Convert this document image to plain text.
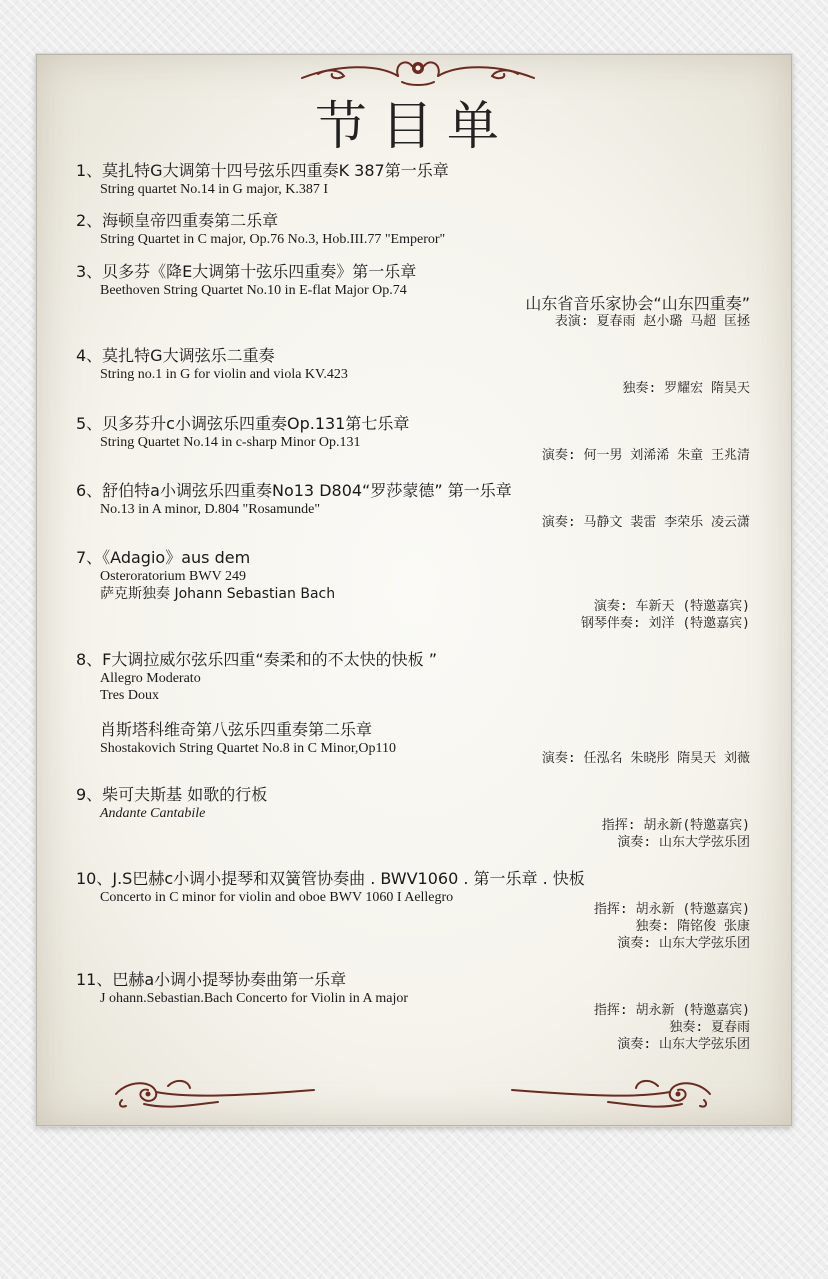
节目单
1、莫扎特G大调第十四号弦乐四重奏K 387第一乐章
String quartet No.14 in G major, K.387 I
2、海顿皇帝四重奏第二乐章
String Quartet in C major, Op.76 No.3, Hob.III.77 "Emperor"
3、贝多芬《降E大调第十弦乐四重奏》第一乐章
Beethoven String Quartet No.10 in E-flat Major Op.74
山东省音乐家协会“山东四重奏”
表演: 夏春雨 赵小璐 马超 匡拯
4、莫扎特G大调弦乐二重奏
String no.1 in G for violin and viola KV.423
独奏: 罗耀宏 隋昊天
5、贝多芬升c小调弦乐四重奏Op.131第七乐章
String Quartet No.14 in c-sharp Minor Op.131
演奏: 何一男 刘浠浠 朱童 王兆清
6、舒伯特a小调弦乐四重奏No13 D804“罗莎蒙德” 第一乐章
No.13 in A minor, D.804 "Rosamunde"
演奏: 马静文 裴雷 李荣乐 凌云潇
7、《Adagio》aus dem
Osteroratorium BWV 249
萨克斯独奏 Johann Sebastian Bach
演奏: 车新天 (特邀嘉宾)
钢琴伴奏: 刘洋 (特邀嘉宾)
8、F大调拉威尔弦乐四重“奏柔和的不太快的快板 ”
Allegro Moderato
Tres Doux
肖斯塔科维奇第八弦乐四重奏第二乐章
Shostakovich String Quartet No.8 in C Minor,Op110
演奏: 任泓名 朱晓彤 隋昊天 刘薇
9、柴可夫斯基 如歌的行板
Andante Cantabile
指挥: 胡永新(特邀嘉宾)
演奏: 山东大学弦乐团
10、J.S巴赫c小调小提琴和双簧管协奏曲 . BWV1060 . 第一乐章 . 快板
Concerto in C minor for violin and oboe BWV 1060 I Aellegro
指挥: 胡永新 (特邀嘉宾)
独奏: 隋铭俊 张康
演奏: 山东大学弦乐团
11、巴赫a小调小提琴协奏曲第一乐章
J ohann.Sebastian.Bach Concerto for Violin in A major
指挥: 胡永新 (特邀嘉宾)
独奏: 夏春雨
演奏: 山东大学弦乐团
